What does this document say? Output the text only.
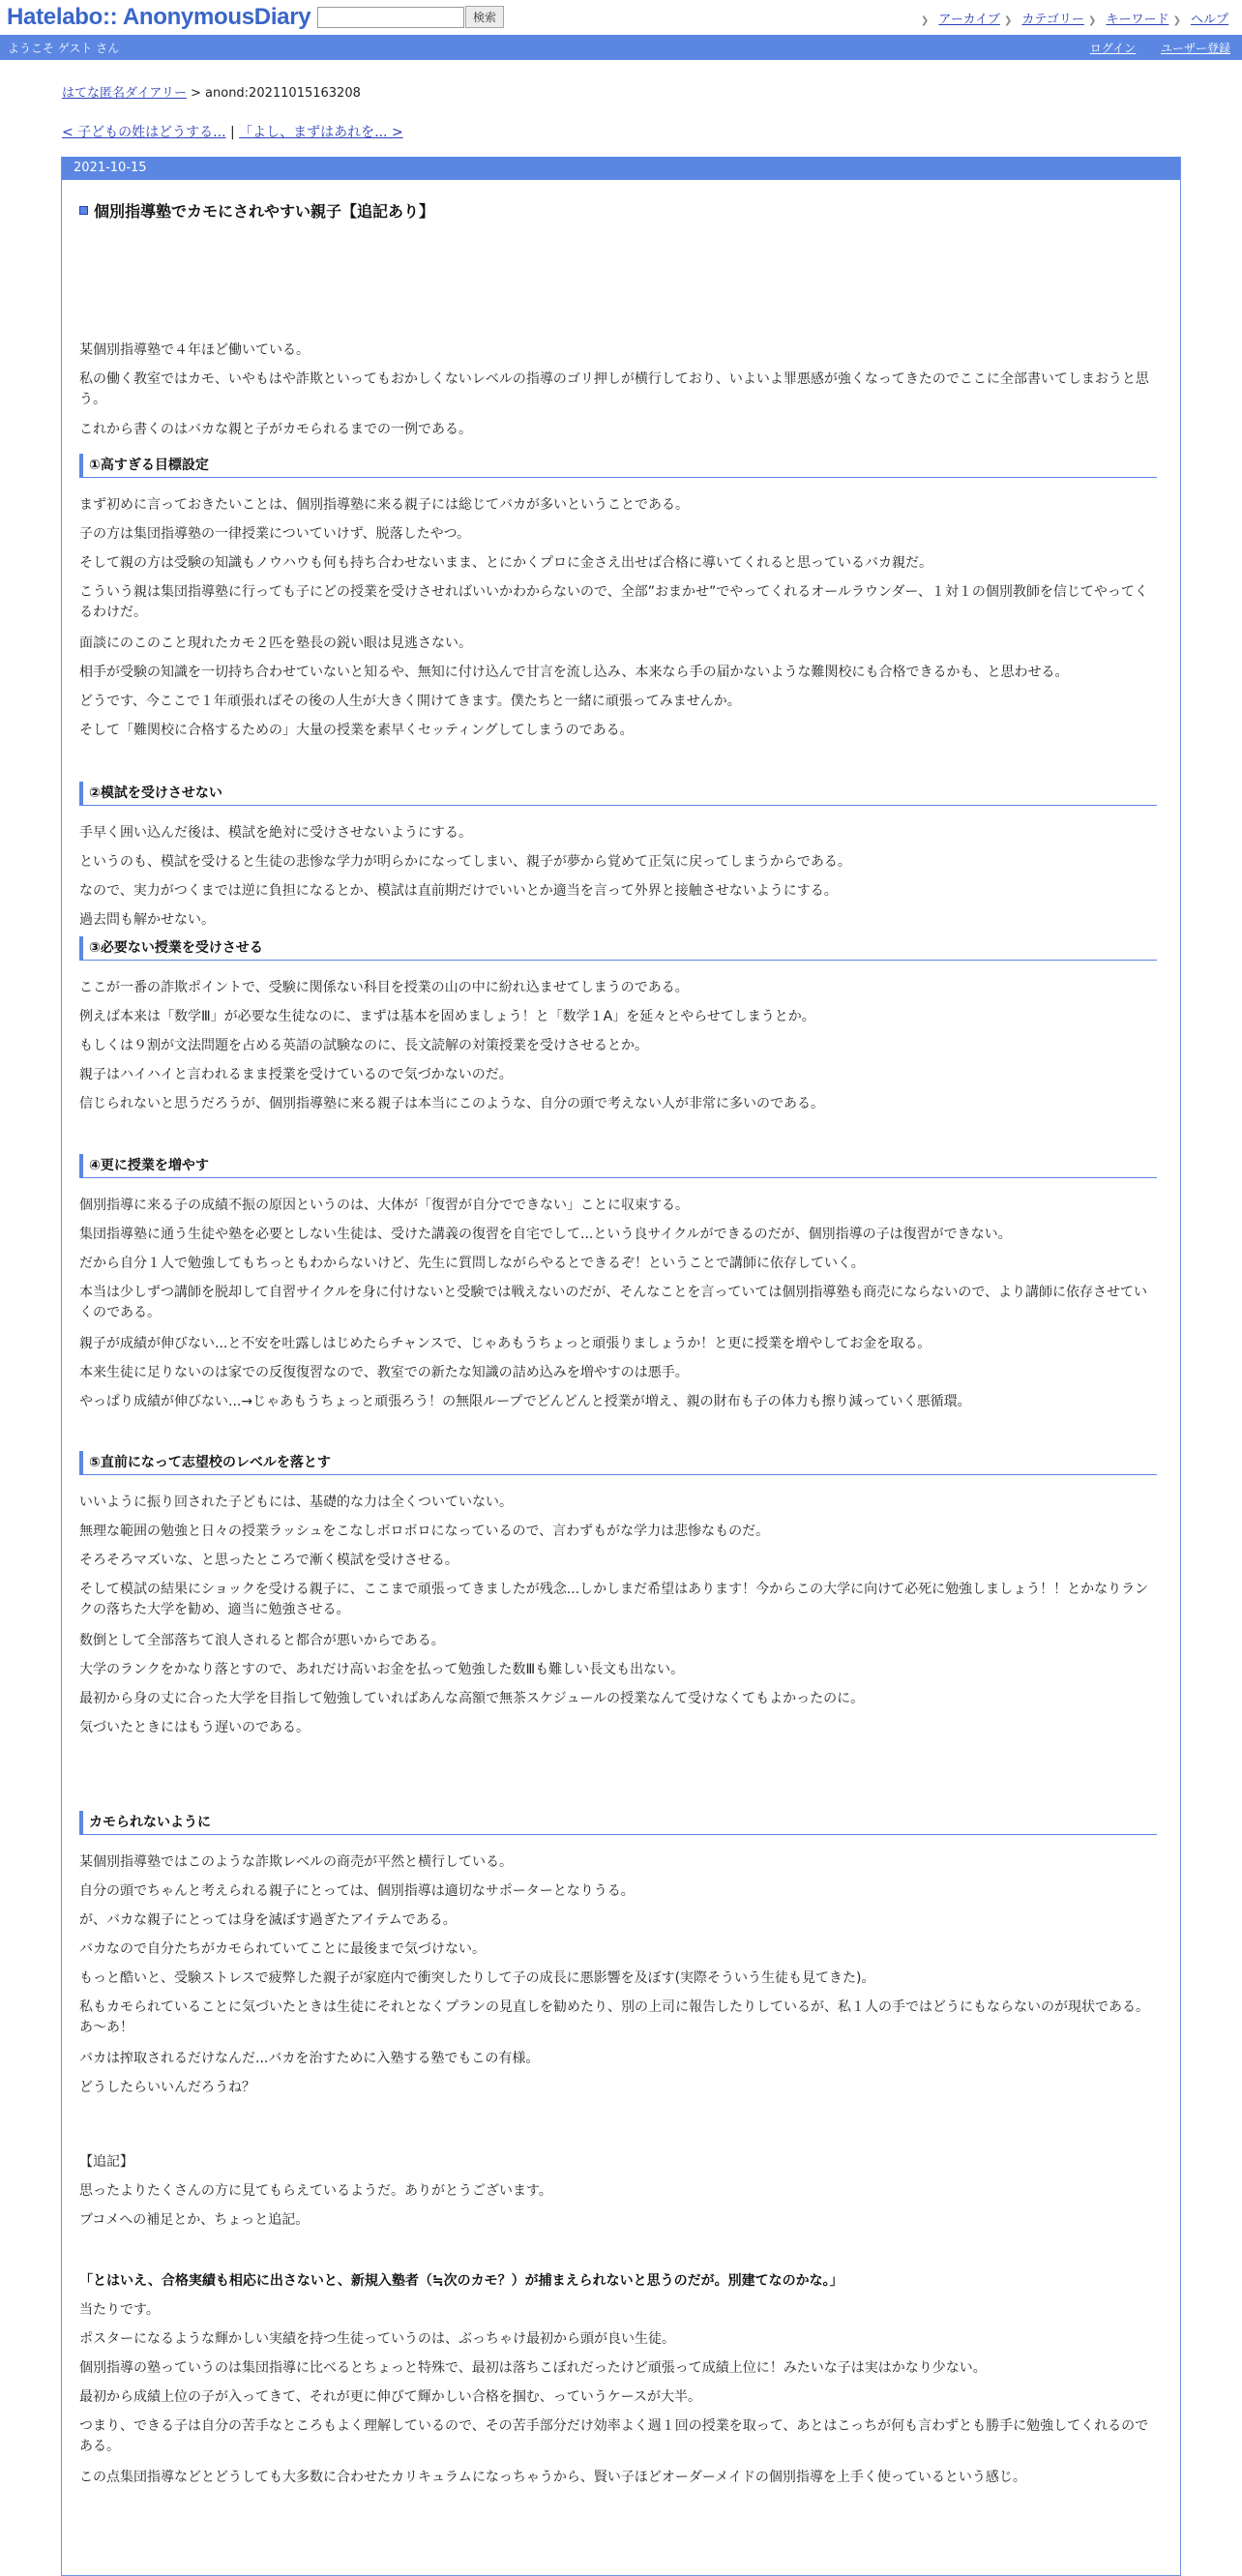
Hatelabo:: AnonymousDiary	検索	❯ アーカイブ ❯ カテゴリー ❯ キーワード ❯ ヘルプ
ようこそ ゲスト さん	ログイン ユーザー登録
はてな匿名ダイアリー > anond:20211015163208
< 子どもの姓はどうする... | 「よし、まずはあれを... >
2021-10-15
個別指導塾でカモにされやすい親子【追記あり】
某個別指導塾で４年ほど働いている。
私の働く教室ではカモ、いやもはや詐欺といってもおかしくないレベルの指導のゴリ押しが横行しており、いよいよ罪悪感が強くなってきたのでここに全部書いてしまおうと思う。
これから書くのはバカな親と子がカモられるまでの一例である。
①高すぎる目標設定
まず初めに言っておきたいことは、個別指導塾に来る親子には総じてバカが多いということである。
子の方は集団指導塾の一律授業についていけず、脱落したやつ。
そして親の方は受験の知識もノウハウも何も持ち合わせないまま、とにかくプロに金さえ出せば合格に導いてくれると思っているバカ親だ。
こういう親は集団指導塾に行っても子にどの授業を受けさせればいいかわからないので、全部”おまかせ”でやってくれるオールラウンダー、１対１の個別教師を信じてやってくるわけだ。
面談にのこのこと現れたカモ２匹を塾長の鋭い眼は見逃さない。
相手が受験の知識を一切持ち合わせていないと知るや、無知に付け込んで甘言を流し込み、本来なら手の届かないような難関校にも合格できるかも、と思わせる。
どうです、今ここで１年頑張ればその後の人生が大きく開けてきます。僕たちと一緒に頑張ってみませんか。
そして「難関校に合格するための」大量の授業を素早くセッティングしてしまうのである。
②模試を受けさせない
手早く囲い込んだ後は、模試を絶対に受けさせないようにする。
というのも、模試を受けると生徒の悲惨な学力が明らかになってしまい、親子が夢から覚めて正気に戻ってしまうからである。
なので、実力がつくまでは逆に負担になるとか、模試は直前期だけでいいとか適当を言って外界と接触させないようにする。
過去問も解かせない。
③必要ない授業を受けさせる
ここが一番の詐欺ポイントで、受験に関係ない科目を授業の山の中に紛れ込ませてしまうのである。
例えば本来は「数学Ⅲ」が必要な生徒なのに、まずは基本を固めましょう！と「数学１A」を延々とやらせてしまうとか。
もしくは９割が文法問題を占める英語の試験なのに、長文読解の対策授業を受けさせるとか。
親子はハイハイと言われるまま授業を受けているので気づかないのだ。
信じられないと思うだろうが、個別指導塾に来る親子は本当にこのような、自分の頭で考えない人が非常に多いのである。
④更に授業を増やす
個別指導に来る子の成績不振の原因というのは、大体が「復習が自分でできない」ことに収束する。
集団指導塾に通う生徒や塾を必要としない生徒は、受けた講義の復習を自宅でして...という良サイクルができるのだが、個別指導の子は復習ができない。
だから自分１人で勉強してもちっともわからないけど、先生に質問しながらやるとできるぞ！ということで講師に依存していく。
本当は少しずつ講師を脱却して自習サイクルを身に付けないと受験では戦えないのだが、そんなことを言っていては個別指導塾も商売にならないので、より講師に依存させていくのである。
親子が成績が伸びない...と不安を吐露しはじめたらチャンスで、じゃあもうちょっと頑張りましょうか！と更に授業を増やしてお金を取る。
本来生徒に足りないのは家での反復復習なので、教室での新たな知識の詰め込みを増やすのは悪手。
やっぱり成績が伸びない...→じゃあもうちょっと頑張ろう！の無限ループでどんどんと授業が増え、親の財布も子の体力も擦り減っていく悪循環。
⑤直前になって志望校のレベルを落とす
いいように振り回された子どもには、基礎的な力は全くついていない。
無理な範囲の勉強と日々の授業ラッシュをこなしボロボロになっているので、言わずもがな学力は悲惨なものだ。
そろそろマズいな、と思ったところで漸く模試を受けさせる。
そして模試の結果にショックを受ける親子に、ここまで頑張ってきましたが残念...しかしまだ希望はあります！今からこの大学に向けて必死に勉強しましょう！！とかなりランクの落ちた大学を勧め、適当に勉強させる。
数倒として全部落ちて浪人されると都合が悪いからである。
大学のランクをかなり落とすので、あれだけ高いお金を払って勉強した数Ⅲも難しい長文も出ない。
最初から身の丈に合った大学を目指して勉強していればあんな高額で無茶スケジュールの授業なんて受けなくてもよかったのに。
気づいたときにはもう遅いのである。
カモられないように
某個別指導塾ではこのような詐欺レベルの商売が平然と横行している。
自分の頭でちゃんと考えられる親子にとっては、個別指導は適切なサポーターとなりうる。
が、バカな親子にとっては身を滅ぼす過ぎたアイテムである。
バカなので自分たちがカモられていてことに最後まで気づけない。
もっと酷いと、受験ストレスで疲弊した親子が家庭内で衝突したりして子の成長に悪影響を及ぼす(実際そういう生徒も見てきた)。
私もカモられていることに気づいたときは生徒にそれとなくプランの見直しを勧めたり、別の上司に報告したりしているが、私１人の手ではどうにもならないのが現状である。あ～あ！
バカは搾取されるだけなんだ...バカを治すために入塾する塾でもこの有様。
どうしたらいいんだろうね？
【追記】
思ったよりたくさんの方に見てもらえているようだ。ありがとうございます。
ブコメへの補足とか、ちょっと追記。
「とはいえ、合格実績も相応に出さないと、新規入塾者（≒次のカモ？）が捕まえられないと思うのだが。別建てなのかな。」
当たりです。
ポスターになるような輝かしい実績を持つ生徒っていうのは、ぶっちゃけ最初から頭が良い生徒。
個別指導の塾っていうのは集団指導に比べるとちょっと特殊で、最初は落ちこぼれだったけど頑張って成績上位に！みたいな子は実はかなり少ない。
最初から成績上位の子が入ってきて、それが更に伸びて輝かしい合格を掴む、っていうケースが大半。
つまり、できる子は自分の苦手なところもよく理解しているので、その苦手部分だけ効率よく週１回の授業を取って、あとはこっちが何も言わずとも勝手に勉強してくれるのである。
この点集団指導などとどうしても大多数に合わせたカリキュラムになっちゃうから、賢い子ほどオーダーメイドの個別指導を上手く使っているという感じ。
